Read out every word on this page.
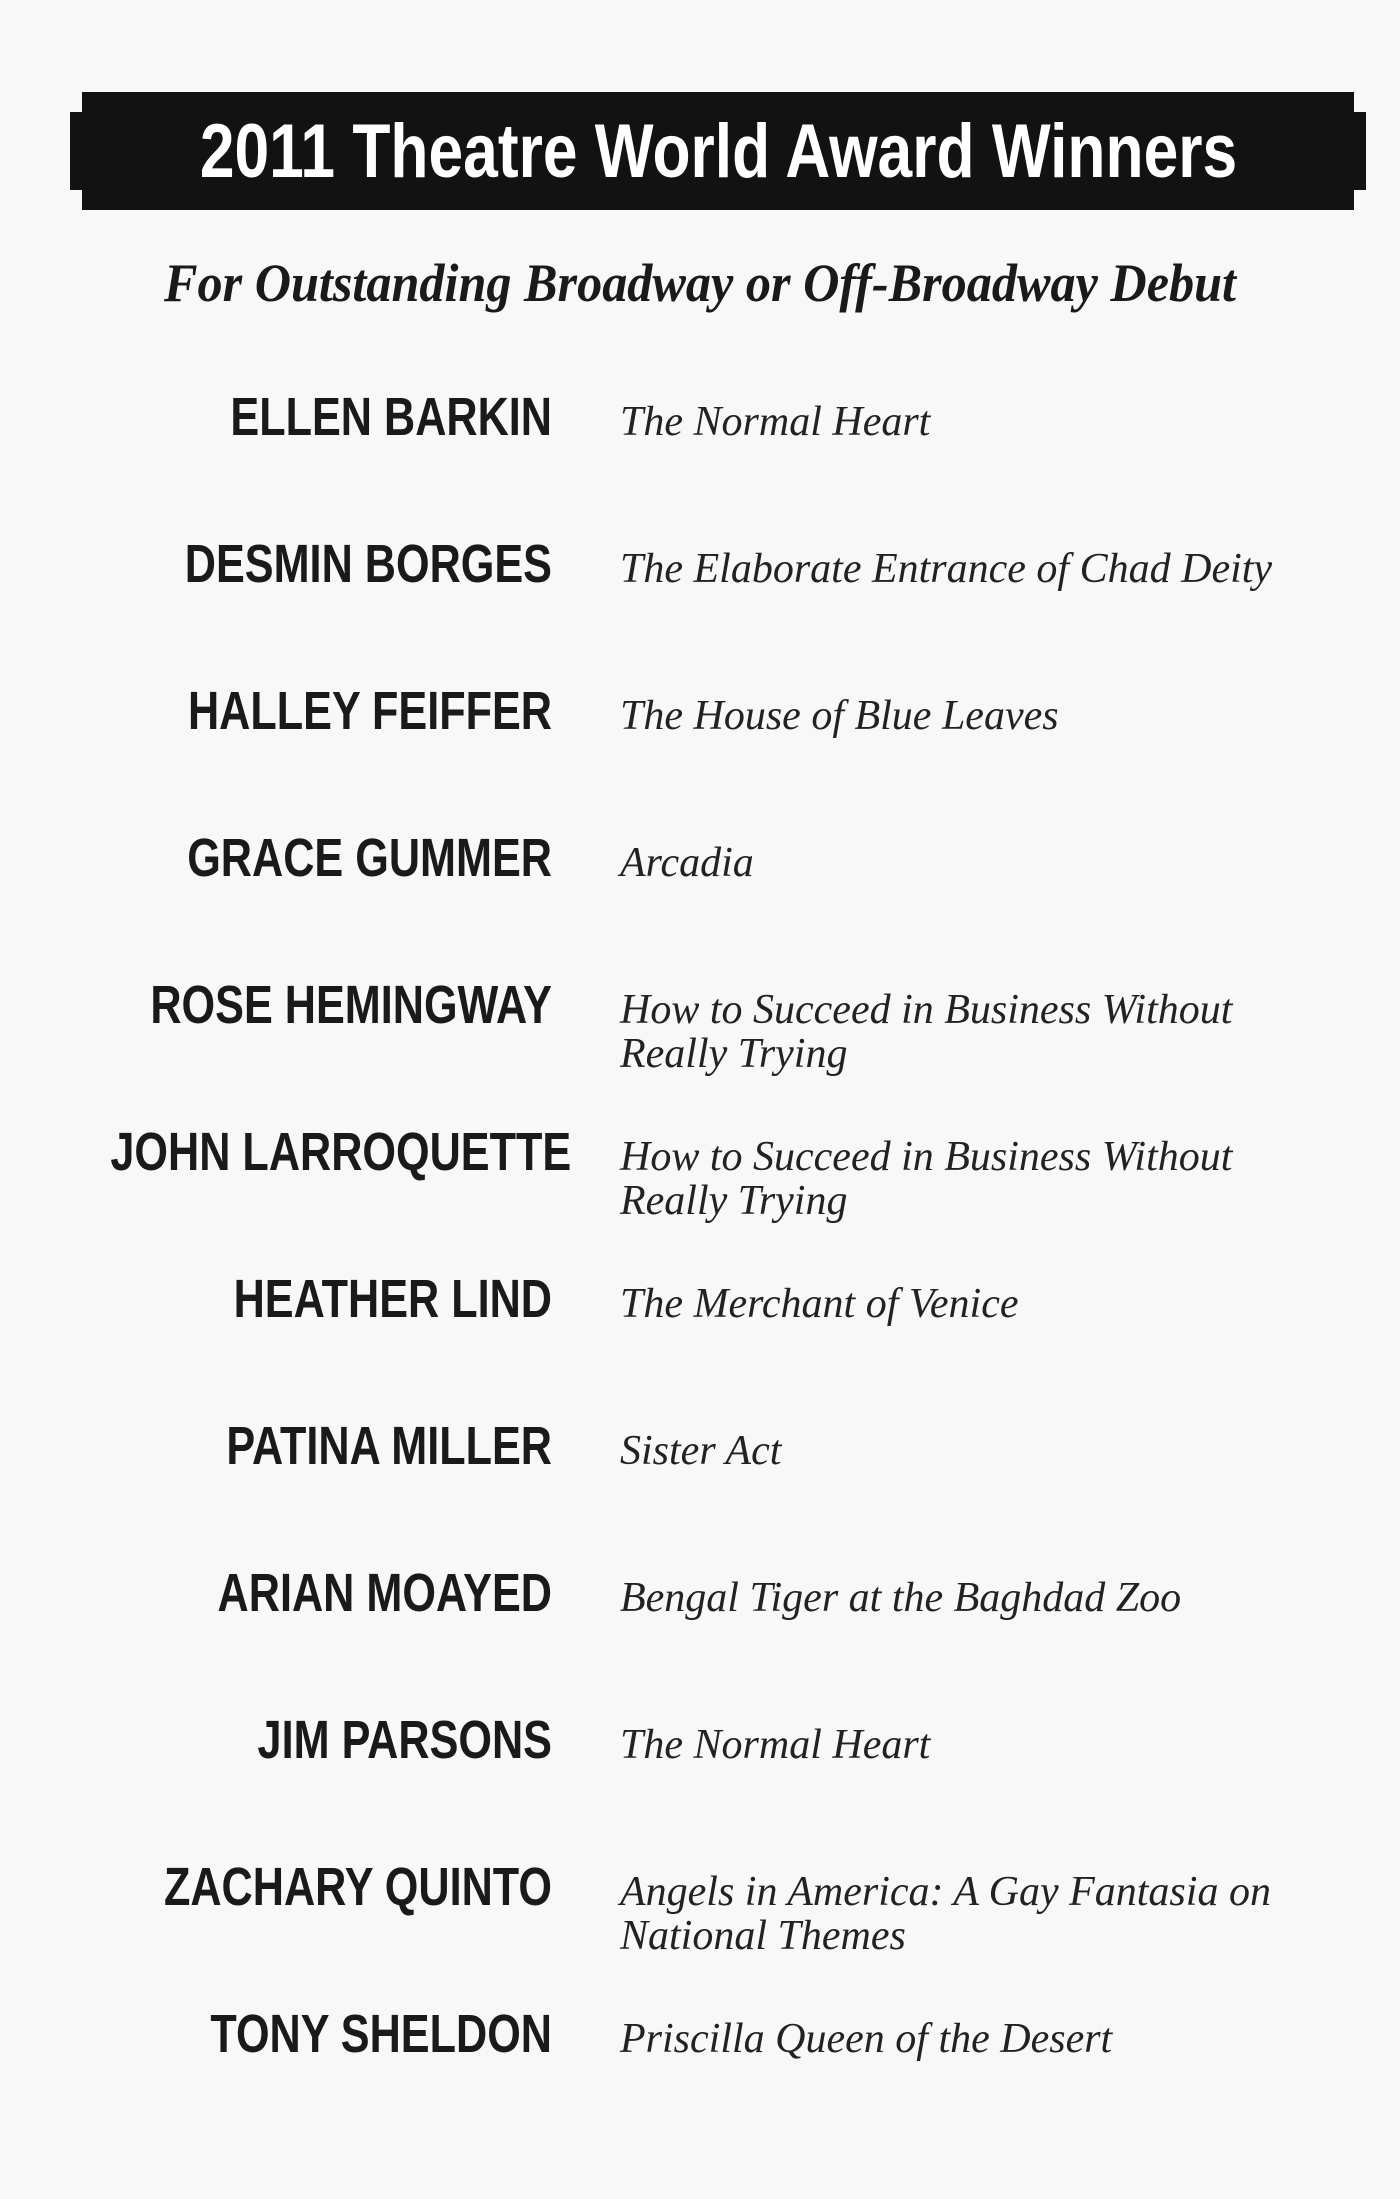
2011 Theatre World Award Winners
For Outstanding Broadway or Off-Broadway Debut
ELLEN BARKIN The Normal Heart
DESMIN BORGES The Elaborate Entrance of Chad Deity
HALLEY FEIFFER The House of Blue Leaves
GRACE GUMMER Arcadia
ROSE HEMINGWAY How to Succeed in Business Without Really Trying
JOHN LARROQUETTE How to Succeed in Business Without Really Trying
HEATHER LIND The Merchant of Venice
PATINA MILLER Sister Act
ARIAN MOAYED Bengal Tiger at the Baghdad Zoo
JIM PARSONS The Normal Heart
ZACHARY QUINTO Angels in America: A Gay Fantasia on National Themes
TONY SHELDON Priscilla Queen of the Desert
